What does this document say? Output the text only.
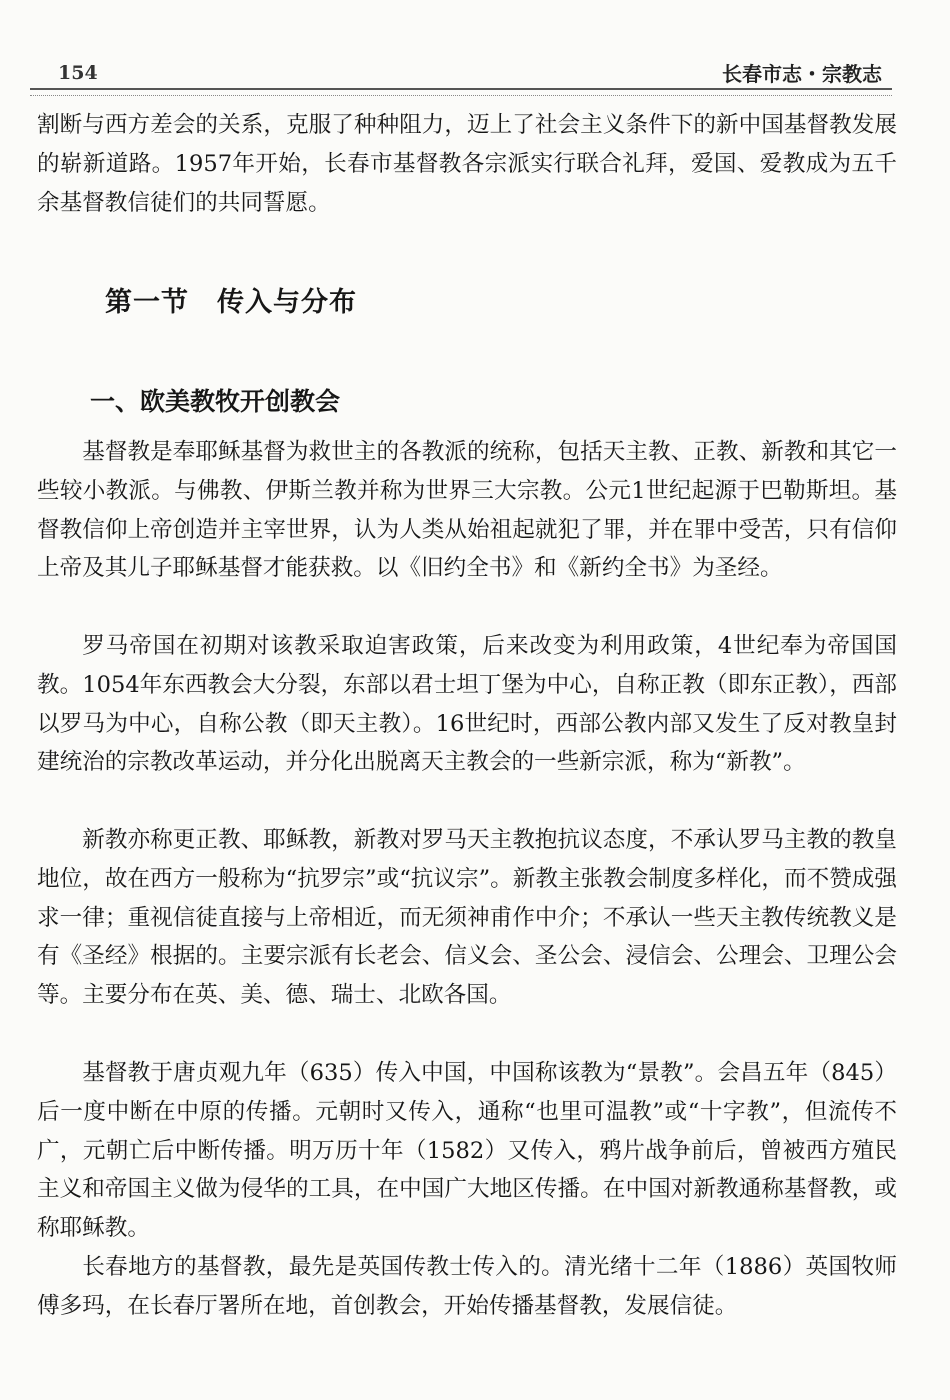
154	长春市志・宗教志

割断与西方差会的关系，克服了种种阻力，迈上了社会主义条件下的新中国基督教发展的崭新道路。1957年开始，长春市基督教各宗派实行联合礼拜，爱国、爱教成为五千余基督教信徒们的共同誓愿。

第一节　传入与分布
一、欧美教牧开创教会

基督教是奉耶稣基督为救世主的各教派的统称，包括天主教、正教、新教和其它一些较小教派。与佛教、伊斯兰教并称为世界三大宗教。公元1世纪起源于巴勒斯坦。基督教信仰上帝创造并主宰世界，认为人类从始祖起就犯了罪，并在罪中受苦，只有信仰上帝及其儿子耶稣基督才能获救。以《旧约全书》和《新约全书》为圣经。

罗马帝国在初期对该教采取迫害政策，后来改变为利用政策，4世纪奉为帝国国教。1054年东西教会大分裂，东部以君士坦丁堡为中心，自称正教（即东正教），西部以罗马为中心，自称公教（即天主教）。16世纪时，西部公教内部又发生了反对教皇封建统治的宗教改革运动，并分化出脱离天主教会的一些新宗派，称为“新教”。

新教亦称更正教、耶稣教，新教对罗马天主教抱抗议态度，不承认罗马主教的教皇地位，故在西方一般称为“抗罗宗”或“抗议宗”。新教主张教会制度多样化，而不赞成强求一律；重视信徒直接与上帝相近，而无须神甫作中介；不承认一些天主教传统教义是有《圣经》根据的。主要宗派有长老会、信义会、圣公会、浸信会、公理会、卫理公会等。主要分布在英、美、德、瑞士、北欧各国。

基督教于唐贞观九年（635）传入中国，中国称该教为“景教”。会昌五年（845）后一度中断在中原的传播。元朝时又传入，通称“也里可温教”或“十字教”，但流传不广，元朝亡后中断传播。明万历十年（1582）又传入，鸦片战争前后，曾被西方殖民主义和帝国主义做为侵华的工具，在中国广大地区传播。在中国对新教通称基督教，或称耶稣教。

长春地方的基督教，最先是英国传教士传入的。清光绪十二年（1886）英国牧师傅多玛，在长春厅署所在地，首创教会，开始传播基督教，发展信徒。
